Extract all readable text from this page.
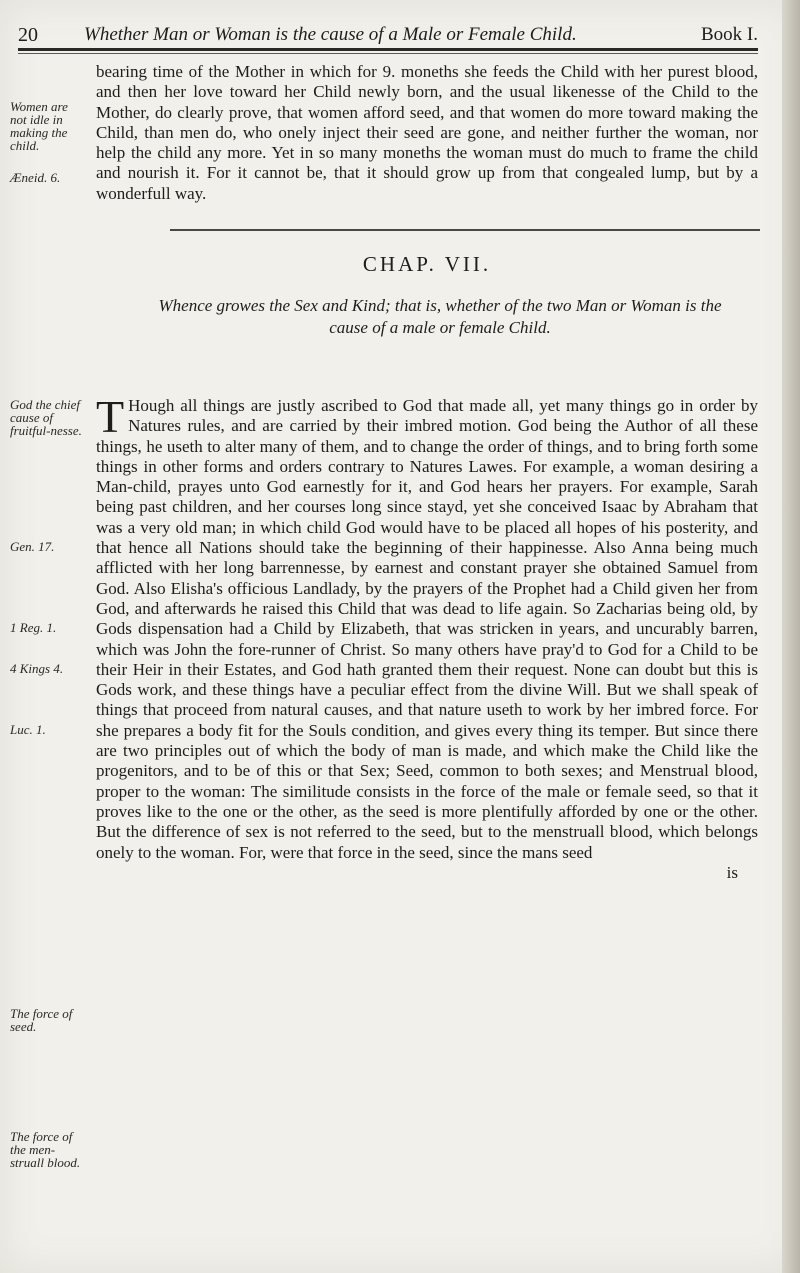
20 Whether Man or Woman is the cause of a Male or Female Child.	Book I.
Women are not idle in making the child.
Æneid. 6.
God the chief cause of fruitful-nesse.
Gen. 17.
1 Reg. 1.
4 Kings 4.
Luc. 1.
The force of seed.
The force of the men-struall blood.
bearing time of the Mother in which for 9. moneths she feeds the Child with her purest blood, and then her love toward her Child newly born, and the usual likenesse of the Child to the Mother, do clearly prove, that women afford seed, and that women do more toward making the Child, than men do, who onely inject their seed are gone, and neither further the woman, nor help the child any more. Yet in so many moneths the woman must do much to frame the child and nourish it. For it cannot be, that it should grow up from that congealed lump, but by a wonderfull way.
CHAP. VII.
Whence growes the Sex and Kind; that is, whether of the two Man or Woman is the cause of a male or female Child.
T Hough all things are justly ascribed to God that made all, yet many things go in order by Natures rules, and are carried by their imbred motion. God being the Author of all these things, he useth to alter many of them, and to change the order of things, and to bring forth some things in other forms and orders contrary to Natures Lawes. For example, a woman desiring a Man-child, prayes unto God earnestly for it, and God hears her prayers. For example, Sarah being past children, and her courses long since stayd, yet she conceived Isaac by Abraham that was a very old man; in which child God would have to be placed all hopes of his posterity, and that hence all Nations should take the beginning of their happinesse. Also Anna being much afflicted with her long barrennesse, by earnest and constant prayer she obtained Samuel from God. Also Elisha's officious Landlady, by the prayers of the Prophet had a Child given her from God, and afterwards he raised this Child that was dead to life again. So Zacharias being old, by Gods dispensation had a Child by Elizabeth, that was stricken in years, and uncurably barren, which was John the fore-runner of Christ. So many others have pray'd to God for a Child to be their Heir in their Estates, and God hath granted them their request. None can doubt but this is Gods work, and these things have a peculiar effect from the divine Will. But we shall speak of things that proceed from natural causes, and that nature useth to work by her imbred force. For she prepares a body fit for the Souls condition, and gives every thing its temper. But since there are two principles out of which the body of man is made, and which make the Child like the progenitors, and to be of this or that Sex; Seed, common to both sexes; and Menstrual blood, proper to the woman: The similitude consists in the force of the male or female seed, so that it proves like to the one or the other, as the seed is more plentifully afforded by one or the other. But the difference of sex is not referred to the seed, but to the menstruall blood, which belongs onely to the woman. For, were that force in the seed, since the mans seed
is
